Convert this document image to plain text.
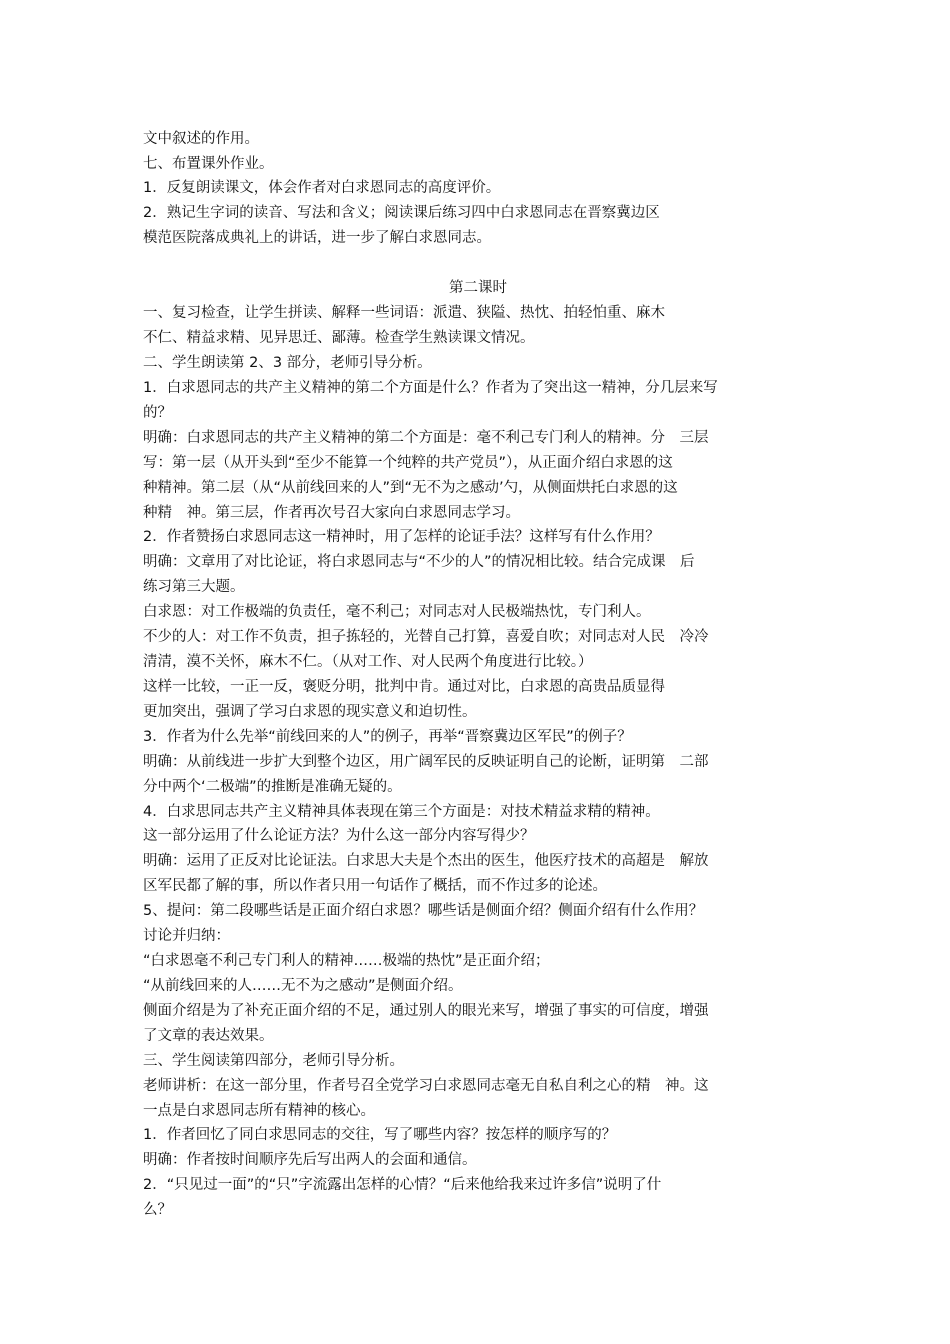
文中叙述的作用。
七、布置课外作业。
1．反复朗读课文，体会作者对白求恩同志的高度评价。
2．熟记生字词的读音、写法和含义；阅读课后练习四中白求恩同志在晋察冀边区
模范医院落成典礼上的讲话，进一步了解白求恩同志。
第二课时
一、复习检查，让学生拼读、解释一些词语：派遣、狭隘、热忱、拍轻怕重、麻木
不仁、精益求精、见异思迁、鄙薄。检查学生熟读课文情况。
二、学生朗读第 2、3 部分，老师引导分析。
1．白求恩同志的共产主义精神的第二个方面是什么？作者为了突出这一精神，分几层来写
的？
明确：白求恩同志的共产主义精神的第二个方面是：毫不利己专门利人的精神。分　三层
写：第一层（从开头到“至少不能算一个纯粹的共产党员”），从正面介绍白求恩的这
种精神。第二层（从“从前线回来的人”到“无不为之感动’勺，从侧面烘托白求恩的这
种精　神。第三层，作者再次号召大家向白求恩同志学习。
2．作者赞扬白求恩同志这一精神时，用了怎样的论证手法？这样写有什么作用？
明确：文章用了对比论证，将白求恩同志与“不少的人”的情况相比较。结合完成课　后
练习第三大题。
白求恩：对工作极端的负责任，毫不利己；对同志对人民极端热忱，专门利人。
不少的人：对工作不负责，担子拣轻的，光替自己打算，喜爱自吹；对同志对人民　冷冷
清清，漠不关怀，麻木不仁。（从对工作、对人民两个角度进行比较。）
这样一比较，一正一反，褒贬分明，批判中肯。通过对比，白求恩的高贵品质显得
更加突出，强调了学习白求恩的现实意义和迫切性。
3．作者为什么先举“前线回来的人”的例子，再举“晋察冀边区军民”的例子？
明确：从前线进一步扩大到整个边区，用广阔军民的反映证明自己的论断，证明第　二部
分中两个‘二极端”的推断是准确无疑的。
4．白求思同志共产主义精神具体表现在第三个方面是：对技术精益求精的精神。
这一部分运用了什么论证方法？为什么这一部分内容写得少？
明确：运用了正反对比论证法。白求思大夫是个杰出的医生，他医疗技术的高超是　解放
区军民都了解的事，所以作者只用一句话作了概括，而不作过多的论述。
5、提问：第二段哪些话是正面介绍白求恩？哪些话是侧面介绍？侧面介绍有什么作用？
讨论并归纳：
“白求恩毫不利己专门利人的精神……极端的热忱”是正面介绍；
“从前线回来的人……无不为之感动”是侧面介绍。
侧面介绍是为了补充正面介绍的不足，通过别人的眼光来写，增强了事实的可信度，增强
了文章的表达效果。
三、学生阅读第四部分，老师引导分析。
老师讲析：在这一部分里，作者号召全党学习白求恩同志毫无自私自利之心的精　神。这
一点是白求恩同志所有精神的核心。
1．作者回忆了同白求思同志的交往，写了哪些内容？按怎样的顺序写的？
明确：作者按时间顺序先后写出两人的会面和通信。
2．“只见过一面”的“只”字流露出怎样的心情？“后来他给我来过许多信”说明了什
么？
